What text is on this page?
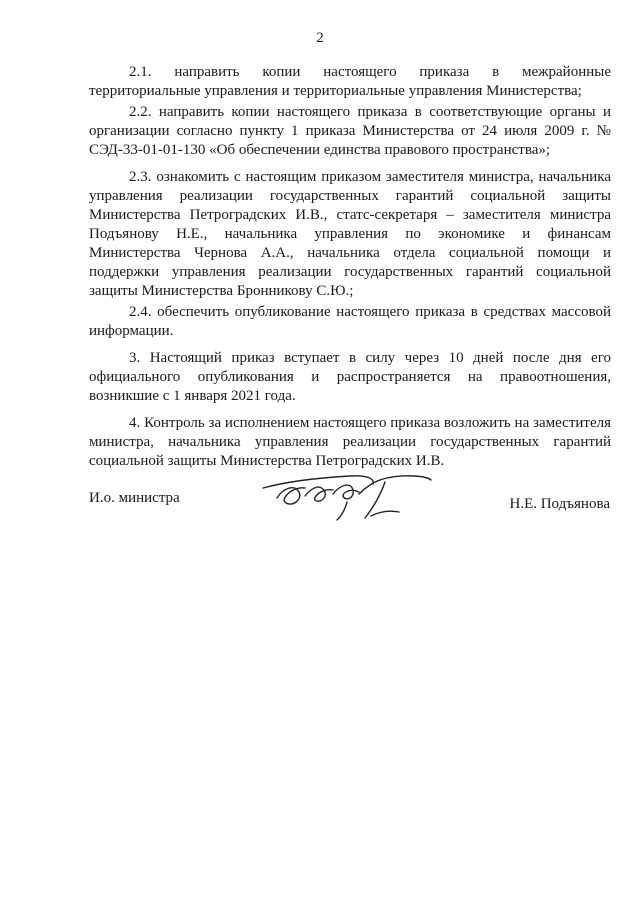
2

2.1. направить копии настоящего приказа в межрайонные территориальные управления и территориальные управления Министерства;

2.2. направить копии настоящего приказа в соответствующие органы и организации согласно пункту 1 приказа Министерства от 24 июля 2009 г. № СЭД-33-01-01-130 «Об обеспечении единства правового пространства»;

2.3. ознакомить с настоящим приказом заместителя министра, начальника управления реализации государственных гарантий социальной защиты Министерства Петроградских И.В., статс-секретаря – заместителя министра Подъянову Н.Е., начальника управления по экономике и финансам Министерства Чернова А.А., начальника отдела социальной помощи и поддержки управления реализации государственных гарантий социальной защиты Министерства Бронникову С.Ю.;

2.4. обеспечить опубликование настоящего приказа в средствах массовой информации.

3. Настоящий приказ вступает в силу через 10 дней после дня его официального опубликования и распространяется на правоотношения, возникшие с 1 января 2021 года.

4. Контроль за исполнением настоящего приказа возложить на заместителя министра, начальника управления реализации государственных гарантий социальной защиты Министерства Петроградских И.В.

И.о. министра	Н.Е. Подъянова
